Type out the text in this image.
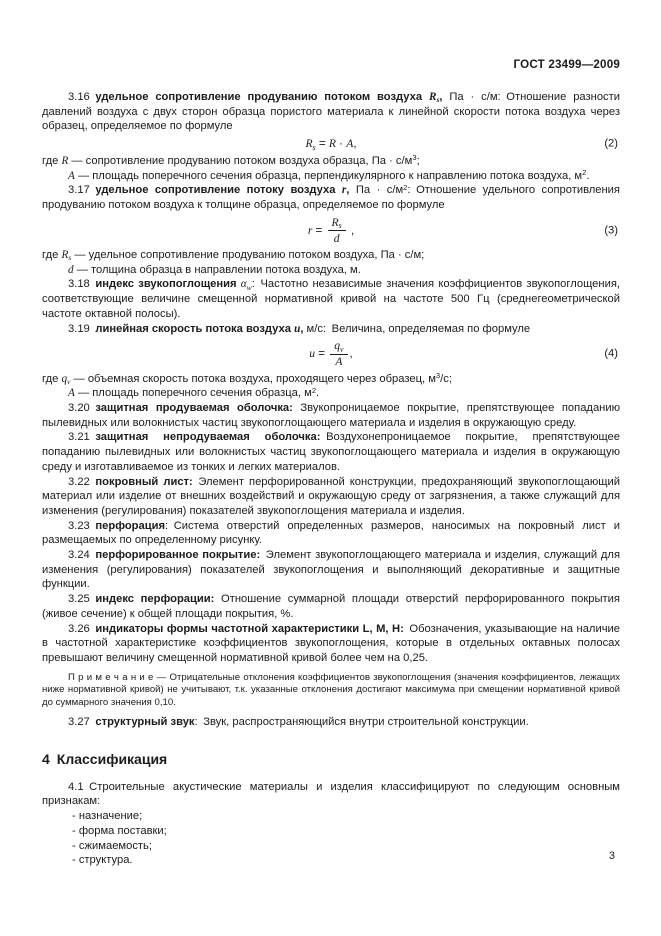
ГОСТ 23499—2009

3.16 удельное сопротивление продуванию потоком воздуха $R_s$, Па · с/м: Отношение разности давлений воздуха с двух сторон образца пористого материала к линейной скорости потока воздуха через образец, определяемое по формуле

$R_s = R \cdot A$,	(2)

где R — сопротивление продуванию потоком воздуха образца, Па · $с/м^3$;

А — площадь поперечного сечения образца, перпендикулярного к направлению потока воздуха, $м^2$.

3.17 удельное сопротивление потоку воздуха r, Па · $с/м^2$: Отношение удельного сопротивления продуванию потоком воздуха к толщине образца, определяемое по формуле

$r = \frac{R_s}{d}$ ,	(3)

где $R_s$ — удельное сопротивление продуванию потоком воздуха, Па · с/м;

d — толщина образца в направлении потока воздуха, м.

3.18 индекс звукопоглощения $\alpha_w$: Частотно независимые значения коэффициентов звукопоглощения, соответствующие величине смещенной нормативной кривой на частоте 500 Гц (среднегеометрической частоте октавной полосы).

3.19 линейная скорость потока воздуха u, м/с: Величина, определяемая по формуле

$u = \frac{q_v}{A}$ ,	(4)

где $q_v$ — объемная скорость потока воздуха, проходящего через образец, $м^3/с$;

А — площадь поперечного сечения образца, $м^2$.

3.20 защитная продуваемая оболочка: Звукопроницаемое покрытие, препятствующее попаданию пылевидных или волокнистых частиц звукопоглощающего материала и изделия в окружающую среду.

3.21 защитная непродуваемая оболочка: Воздухонепроницаемое покрытие, препятствующее попаданию пылевидных или волокнистых частиц звукопоглощающего материала и изделия в окружающую среду и изготавливаемое из тонких и легких материалов.

3.22 покровный лист: Элемент перфорированной конструкции, предохраняющий звукопоглощающий материал или изделие от внешних воздействий и окружающую среду от загрязнения, а также служащий для изменения (регулирования) показателей звукопоглощения материала и изделия.

3.23 перфорация: Система отверстий определенных размеров, наносимых на покровный лист и размещаемых по определенному рисунку.

3.24 перфорированное покрытие: Элемент звукопоглощающего материала и изделия, служащий для изменения (регулирования) показателей звукопоглощения и выполняющий декоративные и защитные функции.

3.25 индекс перфорации: Отношение суммарной площади отверстий перфорированного покрытия (живое сечение) к общей площади покрытия, %.

3.26 индикаторы формы частотной характеристики L, M, Н: Обозначения, указывающие на наличие в частотной характеристике коэффициентов звукопоглощения, которые в отдельных октавных полосах превышают величину смещенной нормативной кривой более чем на 0,25.

П р и м е ч а н и е — Отрицательные отклонения коэффициентов звукопоглощения (значения коэффициентов, лежащих ниже нормативной кривой) не учитывают, т.к. указанные отклонения достигают максимума при смещении нормативной кривой до суммарного значения 0,10.

3.27 структурный звук: Звук, распространяющийся внутри строительной конструкции.

4 Классификация

4.1 Строительные акустические материалы и изделия классифицируют по следующим основным признакам:

- назначение;

- форма поставки;

- сжимаемость;

- структура.	3
